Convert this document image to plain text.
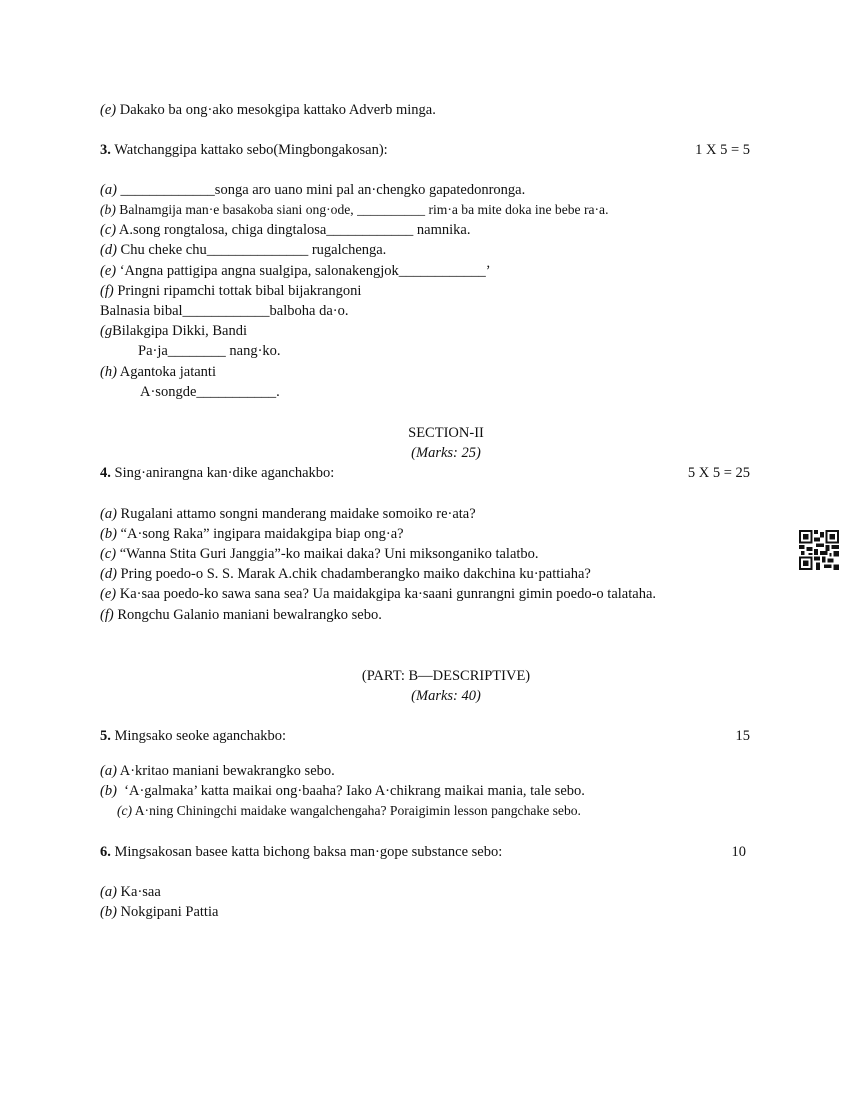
(e) Dakako ba ong·ako mesokgipa kattako Adverb minga.
3. Watchanggipa kattako sebo(Mingbongakosan):	1 X 5 = 5
(a) _____________songa aro uano mini pal an·chengko gapatedonronga.
(b) Balnamgija man·e basakoba siani ong·ode, __________ rim·a ba mite doka ine bebe ra·a.
(c) A.song rongtalosa, chiga dingtalosa____________ namnika.
(d) Chu cheke chu______________ rugalchenga.
(e) ‘Angna pattigipa angna sualgipa, salonakengjok____________’
(f) Pringni ripamchi tottak bibal bijakrangoni
Balnasia bibal____________balboha da·o.
(gBilakgipa Dikki, Bandi
Pa·ja________ nang·ko.
(h) Agantoka jatanti
A·songde___________.
SECTION-II
(Marks: 25)
4. Sing·anirangna kan·dike aganchakbo:	5 X 5 = 25
(a) Rugalani attamo songni manderang maidake somoiko re·ata?
(b) “A·song Raka” ingipara maidakgipa biap ong·a?
(c) “Wanna Stita Guri Janggia”-ko maikai daka? Uni miksonganiko talatbo.
(d) Pring poedo-o S. S. Marak A.chik chadamberangko maiko dakchina ku·pattiaha?
(e) Ka·saa poedo-ko sawa sana sea? Ua maidakgipa ka·saani gunrangni gimin poedo-o talataha.
(f) Rongchu Galanio maniani bewalrangko sebo.
(PART: B—DESCRIPTIVE)
(Marks: 40)
5. Mingsako seoke aganchakbo:	15
(a) A·kritao maniani bewakrangko sebo.
(b)  ‘A·galmaka’ katta maikai ong·baaha? Iako A·chikrang maikai mania, tale sebo.
(c) A·ning Chiningchi maidake wangalchengaha? Poraigimin lesson pangchake sebo.
6. Mingsakosan basee katta bichong baksa man·gope substance sebo:	10
(a) Ka·saa
(b) Nokgipani Pattia
